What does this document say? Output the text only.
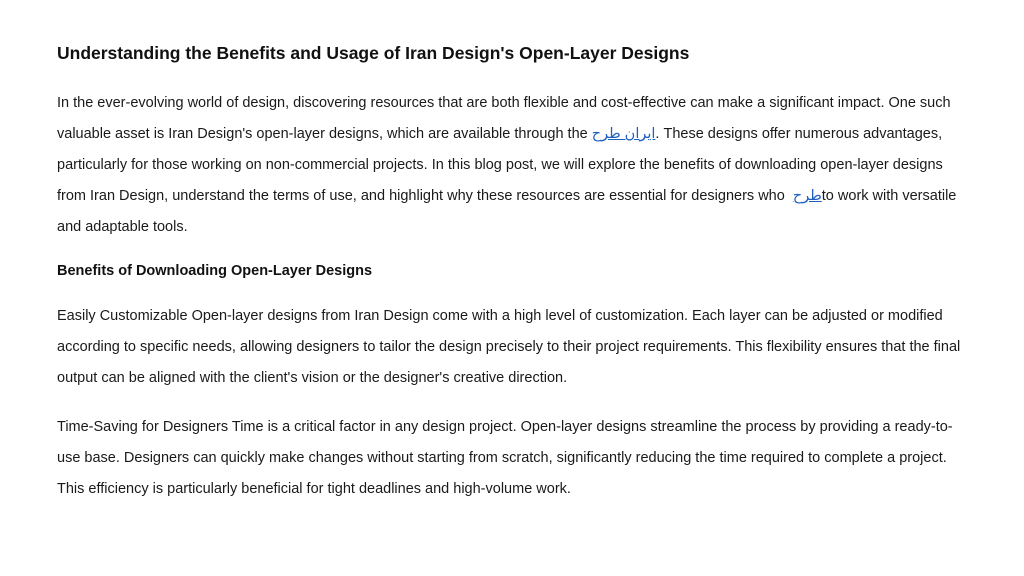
Understanding the Benefits and Usage of Iran Design's Open-Layer Designs

In the ever-evolving world of design, discovering resources that are both flexible and cost-effective can make a significant impact. One such valuable asset is Iran Design's open-layer designs, which are available through the ایران طرح. These designs offer numerous advantages, particularly for those working on non-commercial projects. In this blog post, we will explore the benefits of downloading open-layer designs from Iran Design, understand the terms of use, and highlight why these resources are essential for designers who  طرحto work with versatile and adaptable tools.

Benefits of Downloading Open-Layer Designs

Easily Customizable Open-layer designs from Iran Design come with a high level of customization. Each layer can be adjusted or modified according to specific needs, allowing designers to tailor the design precisely to their project requirements. This flexibility ensures that the final output can be aligned with the client's vision or the designer's creative direction.

Time-Saving for Designers Time is a critical factor in any design project. Open-layer designs streamline the process by providing a ready-to-use base. Designers can quickly make changes without starting from scratch, significantly reducing the time required to complete a project. This efficiency is particularly beneficial for tight deadlines and high-volume work.
